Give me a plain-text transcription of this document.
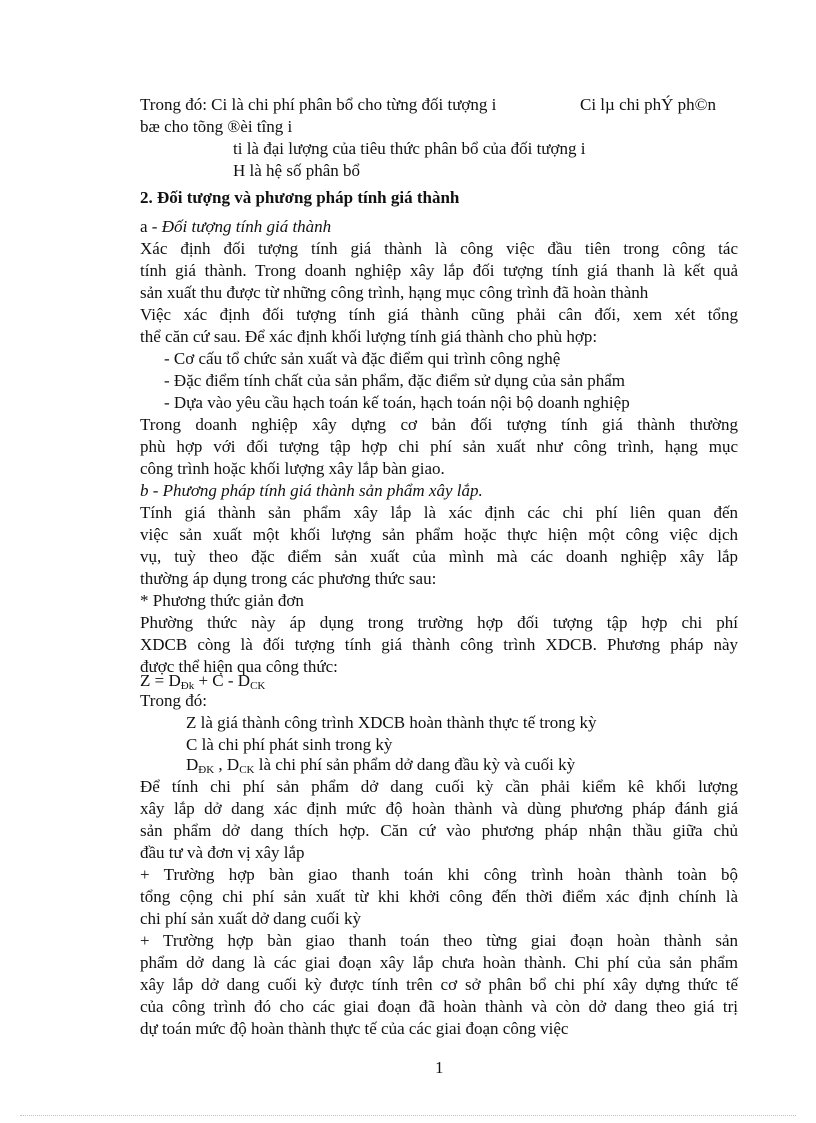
Trong đó: Ci là chi phí phân bổ cho từng đối tượng i	Ci lµ chi phÝ ph©n
bæ cho tõng ®èi tîng i
ti là đại lượng của tiêu thức phân bổ của đối tượng i
H là hệ số phân bổ
2. Đối tượng và phương pháp tính giá thành
a - Đối tượng tính giá thành
Xác định đối tượng tính giá thành là công việc đầu tiên trong công tác
tính giá thành. Trong doanh nghiệp xây lắp đối tượng tính giá thanh là kết quả
sản xuất thu được từ những công trình, hạng mục công trình đã hoàn thành
Việc xác định đối tượng tính giá thành cũng phải cân đối, xem xét tổng
thể căn cứ sau. Để xác định khối lượng tính giá thành cho phù hợp:
- Cơ cấu tổ chức sản xuất và đặc điểm qui trình công nghệ
- Đặc điểm tính chất của sản phẩm, đặc điểm sử dụng của sản phẩm
- Dựa vào yêu cầu hạch toán kế toán, hạch toán nội bộ doanh nghiệp
Trong doanh nghiệp xây dựng cơ bản đối tượng tính giá thành thường
phù hợp với đối tượng tập hợp chi phí sản xuất như công trình, hạng mục
công trình hoặc khối lượng xây lắp bàn giao.
b - Phương pháp tính giá thành sản phẩm xây lắp.
Tính giá thành sản phẩm xây lắp là xác định các chi phí liên quan đến
việc sản xuất một khối lượng sản phẩm hoặc thực hiện một công việc dịch
vụ, tuỳ theo đặc điểm sản xuất của mình mà các doanh nghiệp xây lắp
thường áp dụng trong các phương thức sau:
* Phương thức giản đơn
Phường thức này áp dụng trong trường hợp đối tượng tập hợp chi phí
XDCB còng là đối tượng tính giá thành công trình XDCB. Phương pháp này
được thể hiện qua công thức:
$Z = D_{Đk} + C - D_{CK}$
Trong đó:
Z là giá thành công trình XDCB hoàn thành thực tế trong kỳ
C là chi phí phát sinh trong kỳ
$D_{ĐK}$ , $D_{CK}$ là chi phí sản phẩm dở dang đầu kỳ và cuối kỳ
Để tính chi phí sản phẩm dở dang cuối kỳ cần phải kiểm kê khối lượng
xây lắp dở dang xác định mức độ hoàn thành và dùng phương pháp đánh giá
sản phẩm dở dang thích hợp. Căn cứ vào phương pháp nhận thầu giữa chủ
đầu tư và đơn vị xây lắp
+ Trường hợp bàn giao thanh toán khi công trình hoàn thành toàn bộ
tổng cộng chi phí sản xuất từ khi khởi công đến thời điểm xác định chính là
chi phí sản xuất dở dang cuối kỳ
+ Trường hợp bàn giao thanh toán theo từng giai đoạn hoàn thành sản
phẩm dở dang là các giai đoạn xây lắp chưa hoàn thành. Chi phí của sản phẩm
xây lắp dở dang cuối kỳ được tính trên cơ sở phân bổ chi phí xây dựng thức tế
của công trình đó cho các giai đoạn đã hoàn thành và còn dở dang theo giá trị
dự toán mức độ hoàn thành thực tế của các giai đoạn công việc
1
